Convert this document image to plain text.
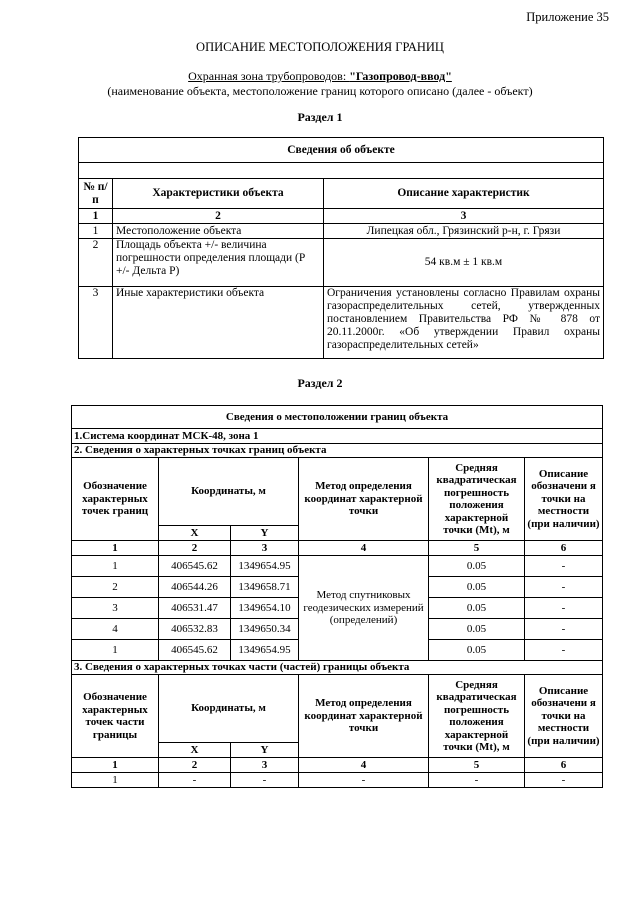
Приложение 35
ОПИСАНИЕ МЕСТОПОЛОЖЕНИЯ ГРАНИЦ
Охранная зона трубопроводов: "Газопровод-ввод"
(наименование объекта, местоположение границ которого описано (далее - объект)
Раздел 1
Сведения об объекте		

№ п/п	Характеристики объекта	Описание характеристик
1	2	3
1	Местоположение объекта	Липецкая обл., Грязинский р-н, г. Грязи
2	Площадь объекта +/- величина погрешности определения площади (P +/- Дельта P)	54 кв.м ± 1 кв.м
3	Иные характеристики объекта	Ограничения установлены согласно Правилам охраны газораспределительных сетей, утвержденных постановлением Правительства РФ № 878 от 20.11.2000г. «Об утверждении Правил охраны газораспределительных сетей»
Раздел 2
Сведения о местоположении границ объекта					
1.Система координат МСК-48, зона 1					
2. Сведения о характерных точках границ объекта					
Обозначение характерных точек границ	Координаты, м		Метод определения координат характерной точки	Средняя квадратическая погрешность положения характерной точки (Mt), м	Описание обозначени я точки на местности (при наличии)
	X	Y			
1	2	3	4	5	6
1	406545.62	1349654.95	Метод спутниковых геодезических измерений (определений)	0.05	-
2	406544.26	1349658.71		0.05	-
3	406531.47	1349654.10		0.05	-
4	406532.83	1349650.34		0.05	-
1	406545.62	1349654.95		0.05	-
3. Сведения о характерных точках части (частей) границы объекта					
Обозначение характерных точек части границы	Координаты, м		Метод определения координат характерной точки	Средняя квадратическая погрешность положения характерной точки (Mt), м	Описание обозначени я точки на местности (при наличии)
	X	Y			
1	2	3	4	5	6
1	-	-	-	-	-
